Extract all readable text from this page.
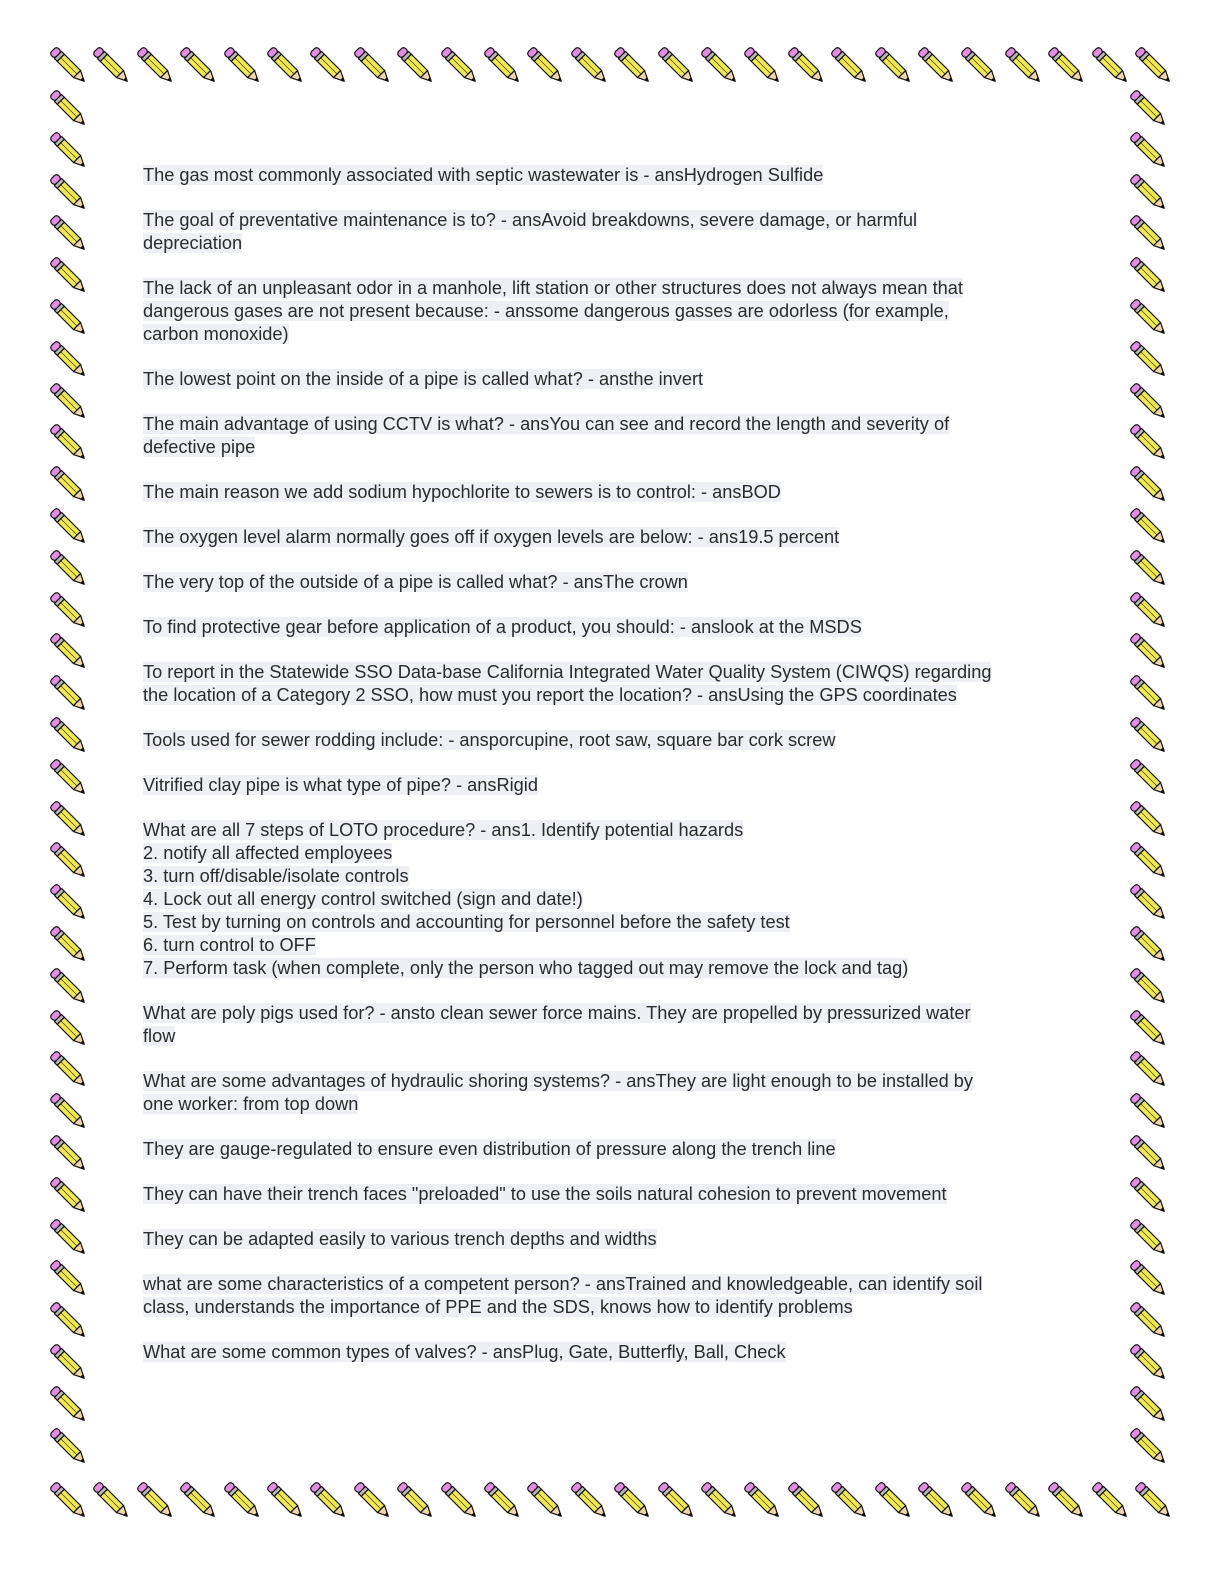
The gas most commonly associated with septic wastewater is - ansHydrogen Sulfide
The goal of preventative maintenance is to? - ansAvoid breakdowns, severe damage, or harmful
depreciation
The lack of an unpleasant odor in a manhole, lift station or other structures does not always mean that
dangerous gases are not present because: - anssome dangerous gasses are odorless (for example,
carbon monoxide)
The lowest point on the inside of a pipe is called what? - ansthe invert
The main advantage of using CCTV is what? - ansYou can see and record the length and severity of
defective pipe
The main reason we add sodium hypochlorite to sewers is to control: - ansBOD
The oxygen level alarm normally goes off if oxygen levels are below: - ans19.5 percent
The very top of the outside of a pipe is called what? - ansThe crown
To find protective gear before application of a product, you should: - anslook at the MSDS
To report in the Statewide SSO Data-base California Integrated Water Quality System (CIWQS) regarding
the location of a Category 2 SSO, how must you report the location? - ansUsing the GPS coordinates
Tools used for sewer rodding include: - ansporcupine, root saw, square bar cork screw
Vitrified clay pipe is what type of pipe? - ansRigid
What are all 7 steps of LOTO procedure? - ans1. Identify potential hazards
2. notify all affected employees
3. turn off/disable/isolate controls
4. Lock out all energy control switched (sign and date!)
5. Test by turning on controls and accounting for personnel before the safety test
6. turn control to OFF
7. Perform task (when complete, only the person who tagged out may remove the lock and tag)
What are poly pigs used for? - ansto clean sewer force mains. They are propelled by pressurized water
flow
What are some advantages of hydraulic shoring systems? - ansThey are light enough to be installed by
one worker: from top down
They are gauge-regulated to ensure even distribution of pressure along the trench line
They can have their trench faces "preloaded" to use the soils natural cohesion to prevent movement
They can be adapted easily to various trench depths and widths
what are some characteristics of a competent person? - ansTrained and knowledgeable, can identify soil
class, understands the importance of PPE and the SDS, knows how to identify problems
What are some common types of valves? - ansPlug, Gate, Butterfly, Ball, Check
